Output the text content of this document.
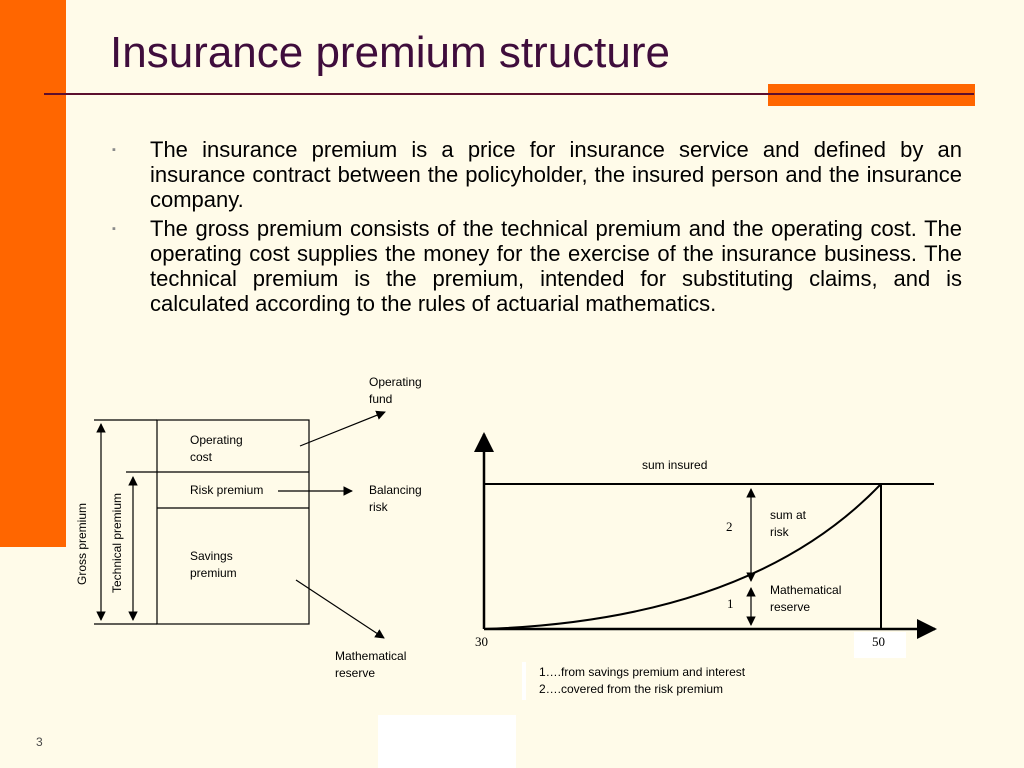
Insurance premium structure
▪ The insurance premium is a price for insurance service and defined by an insurance contract between the policyholder, the insured person and the insurance company.
▪ The gross premium consists of the technical premium and the operating cost. The operating cost supplies the money for the exercise of the insurance business. The technical premium is the premium, intended for substituting claims, and is calculated according to the rules of actuarial mathematics.
Operating
cost
Risk premium
Savings
premium
Operating
fund
Balancing
risk
Mathematical
reserve
Gross premium Technical premium
sum insured
sum at
risk
Mathematical
reserve
2
1
30	50
1….from savings premium and interest
2….covered from the risk premium
3
